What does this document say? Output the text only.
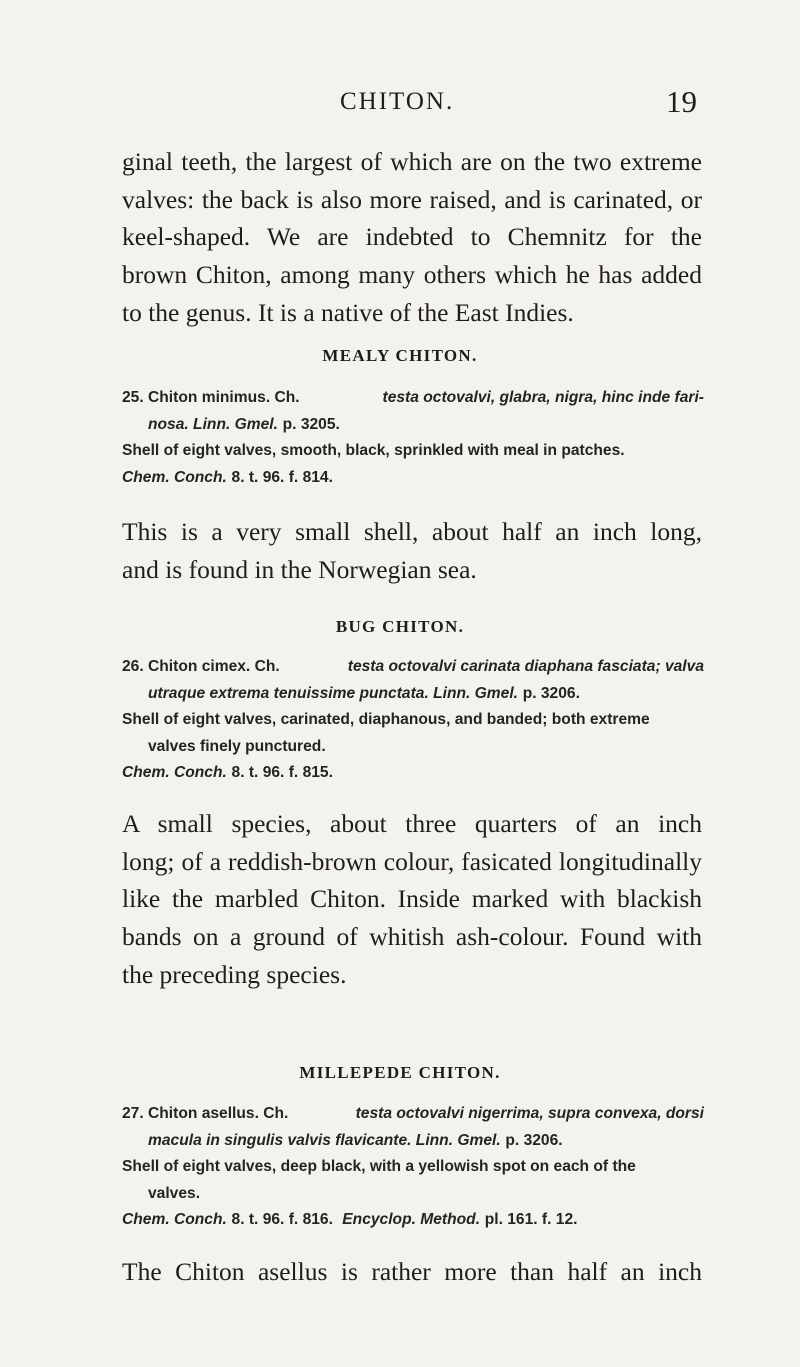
CHITON.	19
ginal teeth, the largest of which are on the two extreme
valves: the back is also more raised, and is carinated, or
keel-shaped. We are indebted to Chemnitz for the
brown Chiton, among many others which he has added
to the genus. It is a native of the East Indies.
MEALY CHITON.
25. Chiton minimus. Ch.	testa octovalvi, glabra, nigra, hinc inde fari-
nosa. Linn. Gmel. p. 3205.
Shell of eight valves, smooth, black, sprinkled with meal in patches.
Chem. Conch. 8. t. 96. f. 814.
This is a very small shell, about half an inch long,
and is found in the Norwegian sea.
BUG CHITON.
26. Chiton cimex. Ch.	testa octovalvi carinata diaphana fasciata; valva
utraque extrema tenuissime punctata. Linn. Gmel. p. 3206.
Shell of eight valves, carinated, diaphanous, and banded; both extreme
valves finely punctured.
Chem. Conch. 8. t. 96. f. 815.
A small species, about three quarters of an inch
long; of a reddish-brown colour, fasicated longitudinally
like the marbled Chiton. Inside marked with blackish
bands on a ground of whitish ash-colour. Found with
the preceding species.
MILLEPEDE CHITON.
27. Chiton asellus. Ch.	testa octovalvi nigerrima, supra convexa, dorsi
macula in singulis valvis flavicante. Linn. Gmel. p. 3206.
Shell of eight valves, deep black, with a yellowish spot on each of the
valves.
Chem. Conch. 8. t. 96. f. 816. Encyclop. Method. pl. 161. f. 12.
The Chiton asellus is rather more than half an inch
